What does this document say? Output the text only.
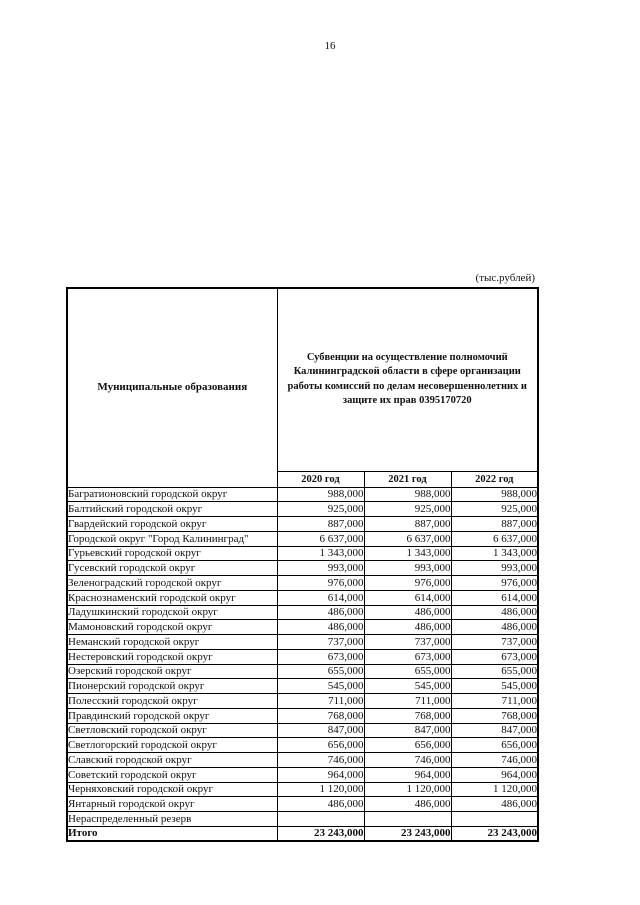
16
(тыс.рублей)
Муниципальные образования	Субвенции на осуществление полномочий
Калининградской области в сфере организации
работы комиссий по делам несовершеннолетних и
защите их прав 0395170720		

	2020 год	2021 год	2022 год
Багратионовский городской округ	988,000	988,000	988,000
Балтийский городской округ	925,000	925,000	925,000
Гвардейский городской округ	887,000	887,000	887,000
Городской округ "Город Калининград"	6 637,000	6 637,000	6 637,000
Гурьевский городской округ	1 343,000	1 343,000	1 343,000
Гусевский городской округ	993,000	993,000	993,000
Зеленоградский городской округ	976,000	976,000	976,000
Краснознаменский городской округ	614,000	614,000	614,000
Ладушкинский городской округ	486,000	486,000	486,000
Мамоновский городской округ	486,000	486,000	486,000
Неманский городской округ	737,000	737,000	737,000
Нестеровский городской округ	673,000	673,000	673,000
Озерский городской округ	655,000	655,000	655,000
Пионерский городской округ	545,000	545,000	545,000
Полесский городской округ	711,000	711,000	711,000
Правдинский городской округ	768,000	768,000	768,000
Светловский городской округ	847,000	847,000	847,000
Светлогорский городской округ	656,000	656,000	656,000
Славский городской округ	746,000	746,000	746,000
Советский городской округ	964,000	964,000	964,000
Черняховский городской округ	1 120,000	1 120,000	1 120,000
Янтарный городской округ	486,000	486,000	486,000
Нераспределенный резерв			
Итого	23 243,000	23 243,000	23 243,000
